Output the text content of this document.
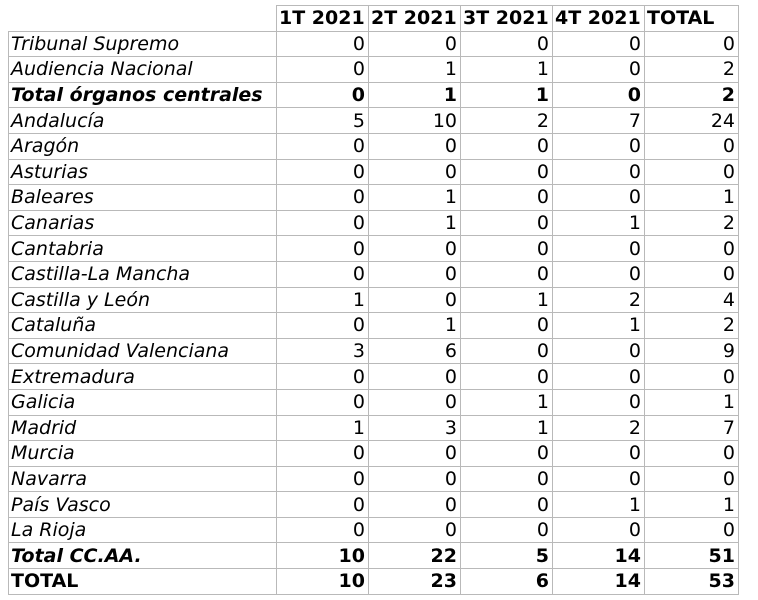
	1T 2021	2T 2021	3T 2021	4T 2021	TOTAL
Tribunal Supremo	0	0	0	0	0
Audiencia Nacional	0	1	1	0	2
Total órganos centrales	0	1	1	0	2
Andalucía	5	10	2	7	24
Aragón	0	0	0	0	0
Asturias	0	0	0	0	0
Baleares	0	1	0	0	1
Canarias	0	1	0	1	2
Cantabria	0	0	0	0	0
Castilla-La Mancha	0	0	0	0	0
Castilla y León	1	0	1	2	4
Cataluña	0	1	0	1	2
Comunidad Valenciana	3	6	0	0	9
Extremadura	0	0	0	0	0
Galicia	0	0	1	0	1
Madrid	1	3	1	2	7
Murcia	0	0	0	0	0
Navarra	0	0	0	0	0
País Vasco	0	0	0	1	1
La Rioja	0	0	0	0	0
Total CC.AA.	10	22	5	14	51
TOTAL	10	23	6	14	53
